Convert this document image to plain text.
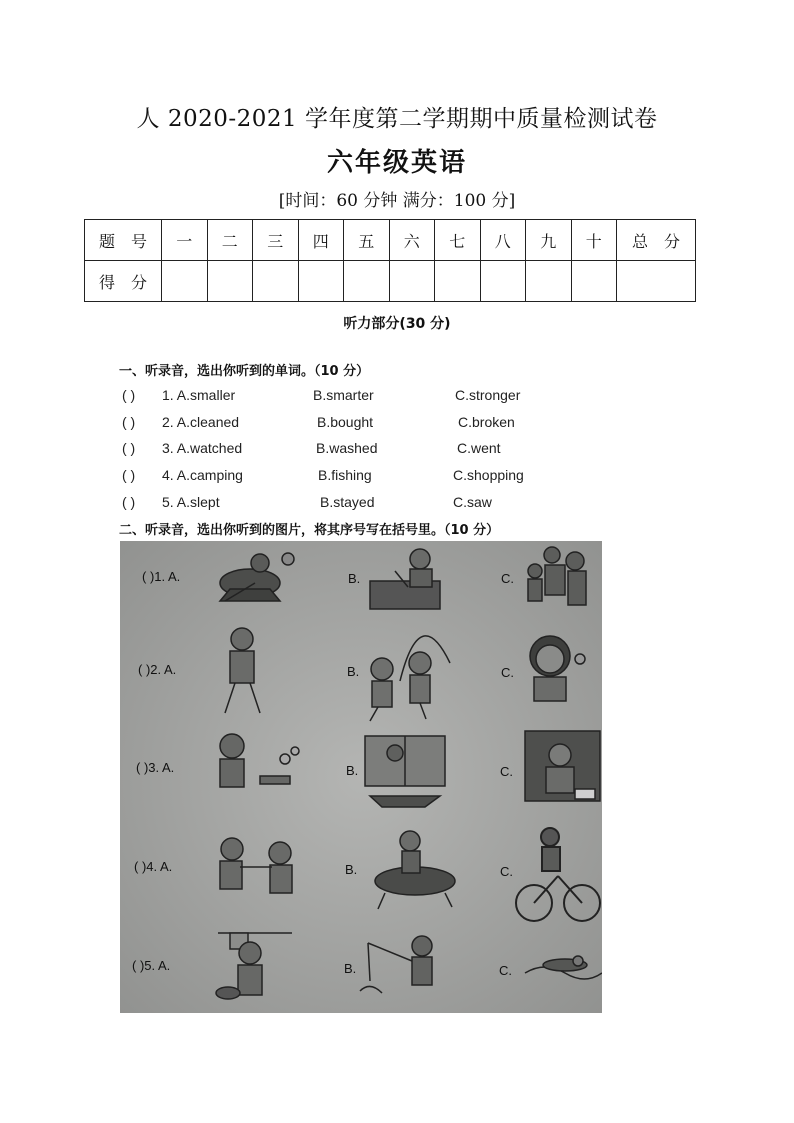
人 2020-2021 学年度第二学期期中质量检测试卷
六年级英语
[时间：60 分钟 满分：100 分]
题　号	一	二	三	四	五	六	七	八	九	十	总　分
得　分											
听力部分(30 分)
一、听录音，选出你听到的单词。（10 分）
( ) 1. A.smaller	B.smarter	C.stronger
( ) 2. A.cleaned	B.bought	C.broken
( ) 3. A.watched	B.washed	C.went
( ) 4. A.camping	B.fishing	C.shopping
( ) 5. A.slept	B.stayed	C.saw
二、听录音，选出你听到的图片，将其序号写在括号里。（10 分）
( )1. A.	B.	C.
( )2. A.	B.	C.
( )3. A.	B.	C.
( )4. A.	B.	C.
( )5. A.	B.	C.
